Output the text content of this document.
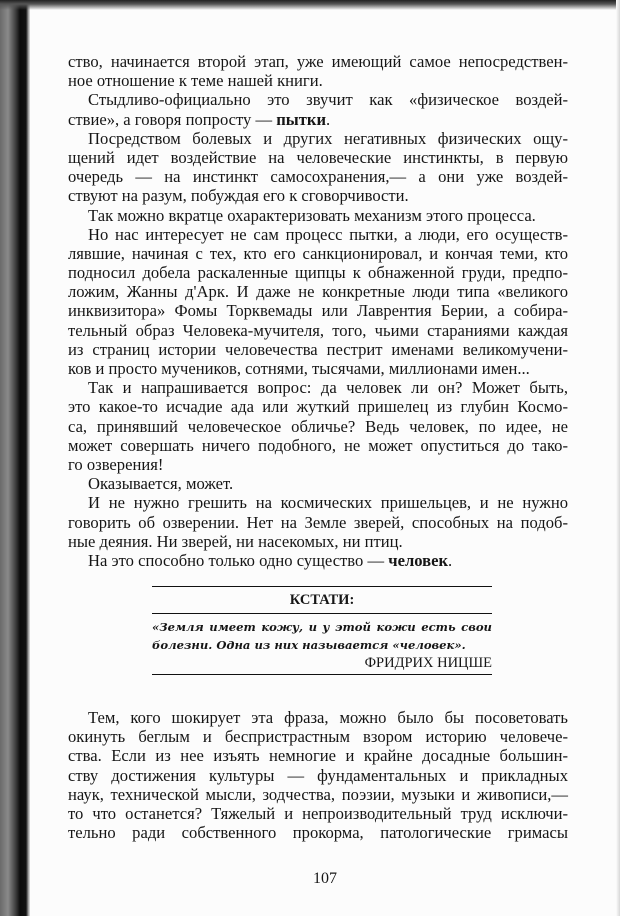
ство, начинается второй этап, уже имеющий самое непосредствен-
ное отношение к теме нашей книги.
Стыдливо-официально это звучит как «физическое воздей-
ствие», а говоря попросту — пытки.
Посредством болевых и других негативных физических ощу-
щений идет воздействие на человеческие инстинкты, в первую
очередь — на инстинкт самосохранения,— а они уже воздей-
ствуют на разум, побуждая его к сговорчивости.
Так можно вкратце охарактеризовать механизм этого процесса.
Но нас интересует не сам процесс пытки, а люди, его осуществ-
лявшие, начиная с тех, кто его санкционировал, и кончая теми, кто
подносил добела раскаленные щипцы к обнаженной груди, предпо-
ложим, Жанны д'Арк. И даже не конкретные люди типа «великого
инквизитора» Фомы Торквемады или Лаврентия Берии, а собира-
тельный образ Человека-мучителя, того, чьими стараниями каждая
из страниц истории человечества пестрит именами великомучени-
ков и просто мучеников, сотнями, тысячами, миллионами имен...
Так и напрашивается вопрос: да человек ли он? Может быть,
это какое-то исчадие ада или жуткий пришелец из глубин Космо-
са, принявший человеческое обличье? Ведь человек, по идее, не
может совершать ничего подобного, не может опуститься до тако-
го озверения!
Оказывается, может.
И не нужно грешить на космических пришельцев, и не нужно
говорить об озверении. Нет на Земле зверей, способных на подоб-
ные деяния. Ни зверей, ни насекомых, ни птиц.
На это способно только одно существо — человек.
КСТАТИ:
«Земля имеет кожу, и у этой кожи есть свои
болезни. Одна из них называется «человек».
ФРИДРИХ НИЦШЕ
Тем, кого шокирует эта фраза, можно было бы посоветовать
окинуть беглым и беспристрастным взором историю человече-
ства. Если из нее изъять немногие и крайне досадные большин-
ству достижения культуры — фундаментальных и прикладных
наук, технической мысли, зодчества, поэзии, музыки и живописи,—
то что останется? Тяжелый и непроизводительный труд исключи-
тельно ради собственного прокорма, патологические гримасы
107
